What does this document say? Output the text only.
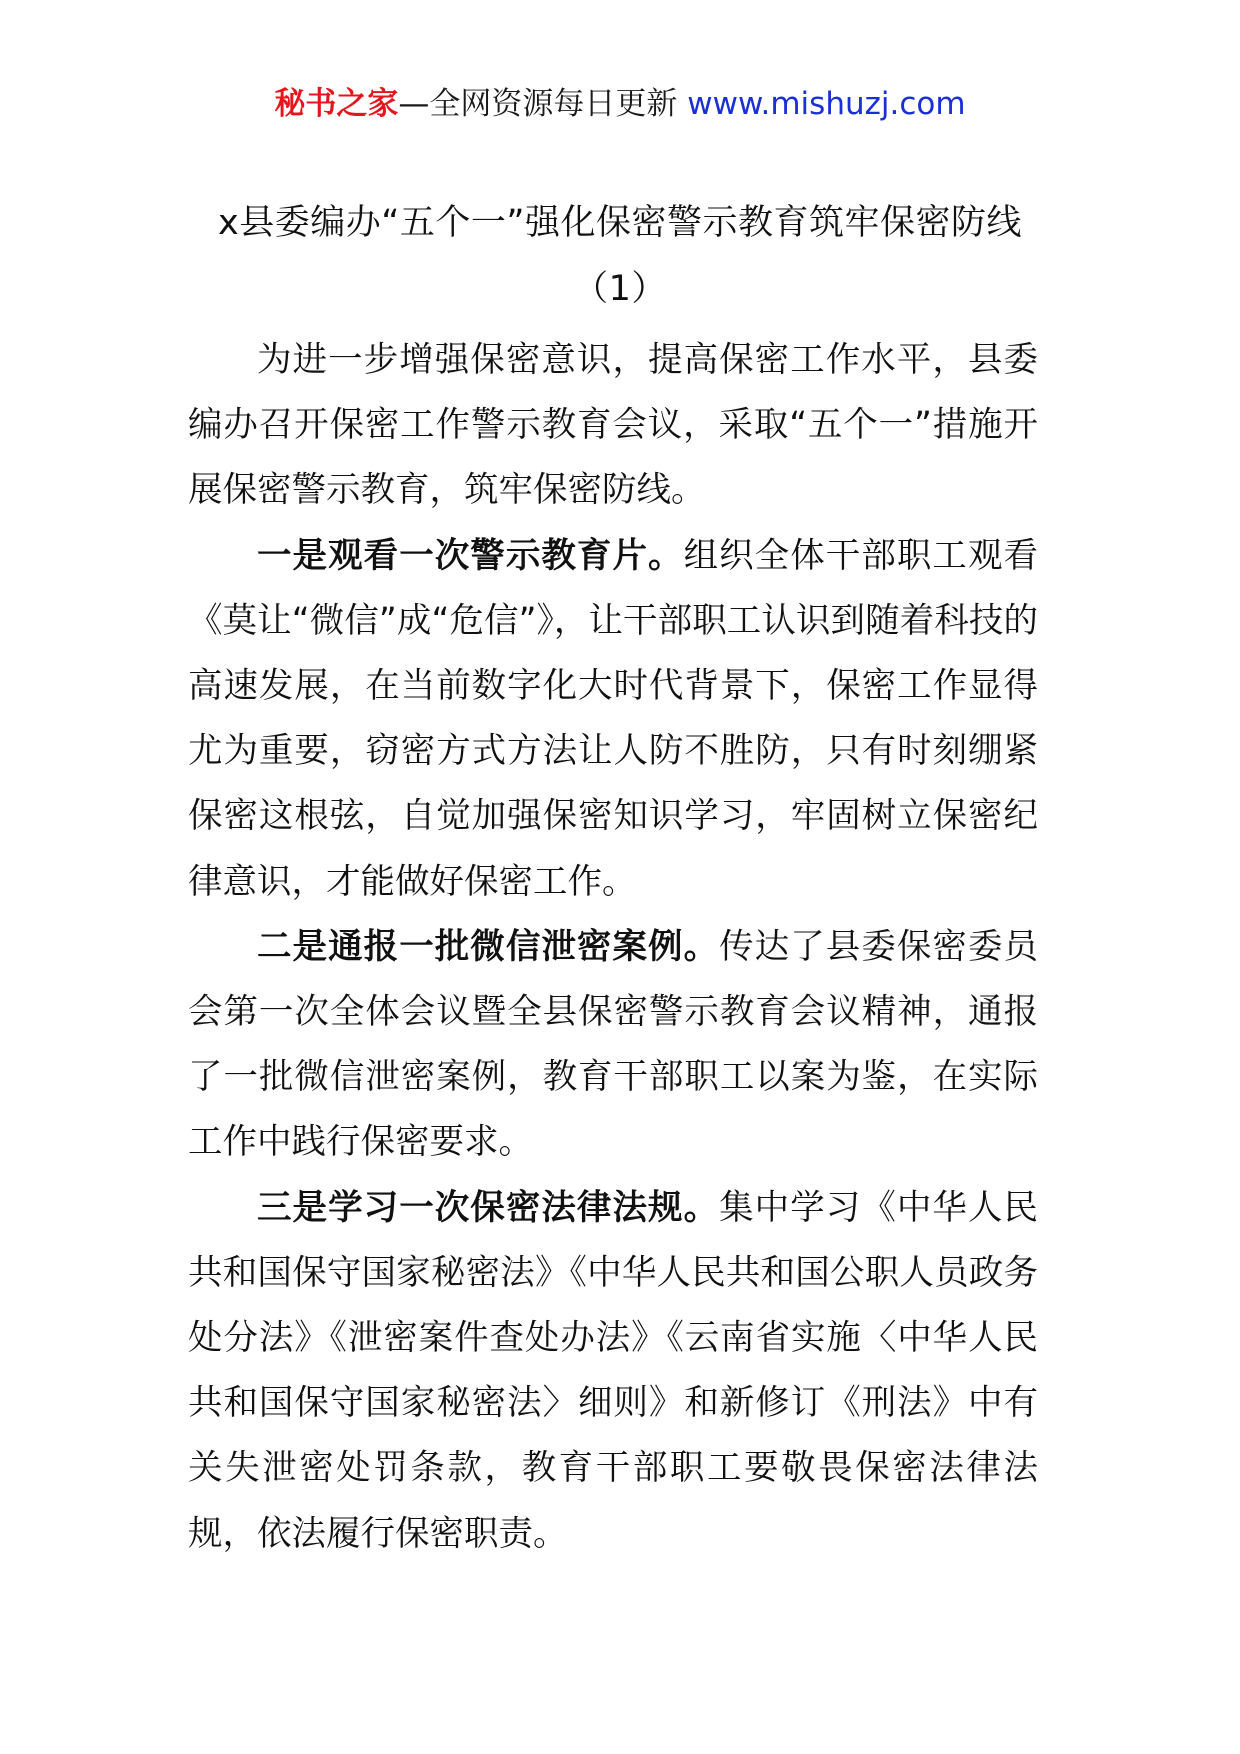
秘书之家—全网资源每日更新 www.mishuzj.com
x县委编办“五个一”强化保密警示教育筑牢保密防线（1）

为进一步增强保密意识，提高保密工作水平，县委编办召开保密工作警示教育会议，采取“五个一”措施开展保密警示教育，筑牢保密防线。

一是观看一次警示教育片。组织全体干部职工观看《莫让“微信”成“危信”》，让干部职工认识到随着科技的高速发展，在当前数字化大时代背景下，保密工作显得尤为重要，窃密方式方法让人防不胜防，只有时刻绷紧保密这根弦，自觉加强保密知识学习，牢固树立保密纪律意识，才能做好保密工作。

二是通报一批微信泄密案例。传达了县委保密委员会第一次全体会议暨全县保密警示教育会议精神，通报了一批微信泄密案例，教育干部职工以案为鉴，在实际工作中践行保密要求。

三是学习一次保密法律法规。集中学习《中华人民共和国保守国家秘密法》《中华人民共和国公职人员政务处分法》《泄密案件查处办法》《云南省实施〈中华人民共和国保守国家秘密法〉细则》和新修订《刑法》中有关失泄密处罚条款，教育干部职工要敬畏保密法律法规，依法履行保密职责。
